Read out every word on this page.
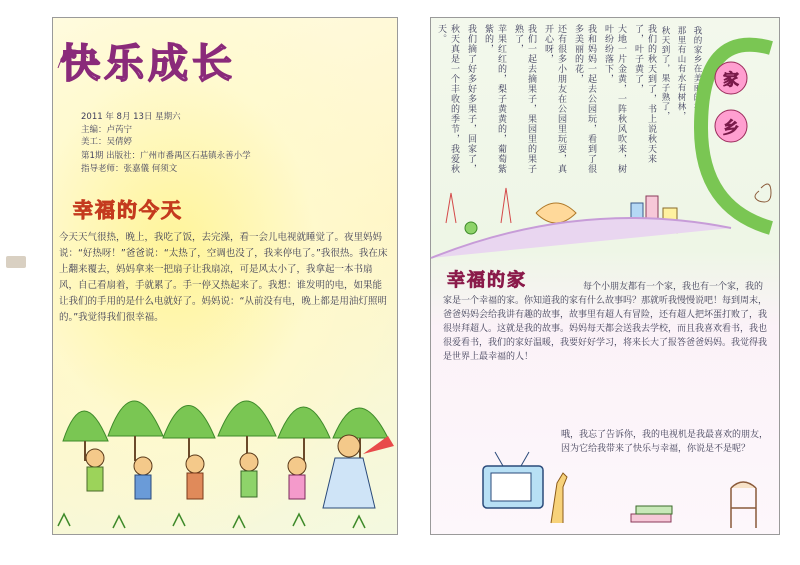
快乐成长
2011 年 8月 13日 星期六
主编：卢芮宁
美工：吴倩婷
第1期 出版社：广州市番禺区石基镇永善小学
指导老师：张嘉儀 何须文
幸福的今天
今天天气很热，晚上，我吃了饭，去完澡，看一会儿电视就睡觉了。夜里妈妈说：“好热呀！”爸爸说：“太热了，空调也没了，我来停电了。”我很热。我在床上翻来覆去，妈妈拿来一把扇子让我扇凉，可是风太小了，我拿起一本书扇风，自己看扇着，手就累了。手一停又热起来了。我想：谁发明的电，如果能让我们的手用的是什么电就好了。妈妈说：“从前没有电，晚上都是用油灯照明的。”我觉得我们很幸福。
我们的秋天到了，书上说秋天来了，叶子黄了，
大地一片金黄，一阵秋风吹来，树叶纷纷落下，
我和妈妈一起去公园玩，看到了很多美丽的花，
还有很多小朋友在公园里玩耍，真开心呀，
我们一起去摘果子，果园里的果子熟了，
苹果红红的，梨子黄黄的，葡萄紫紫的，
我们摘了好多好多果子，回家了，
秋天真是一个丰收的季节，我爱秋天。	我的家乡在美丽的番禺，
那里有山有水有树林，
秋天到了，果子熟了，	家
乡
幸福的家	每个小朋友都有一个家，我也有一个家，我的家是一个幸福的家。你知道我的家有什么故事吗？那就听我慢慢说吧！每到周末，爸爸妈妈会给我讲有趣的故事，故事里有超人有冒险，还有超人把坏蛋打败了，我很崇拜超人。这就是我的故事。妈妈每天都会送我去学校，而且我喜欢看书，我也很爱看书，我们的家好温暖，我要好好学习，将来长大了报答爸爸妈妈。我觉得我是世界上最幸福的人！
哦，我忘了告诉你，我的电视机是我最喜欢的朋友，因为它给我带来了快乐与幸福，你说是不是呢？
